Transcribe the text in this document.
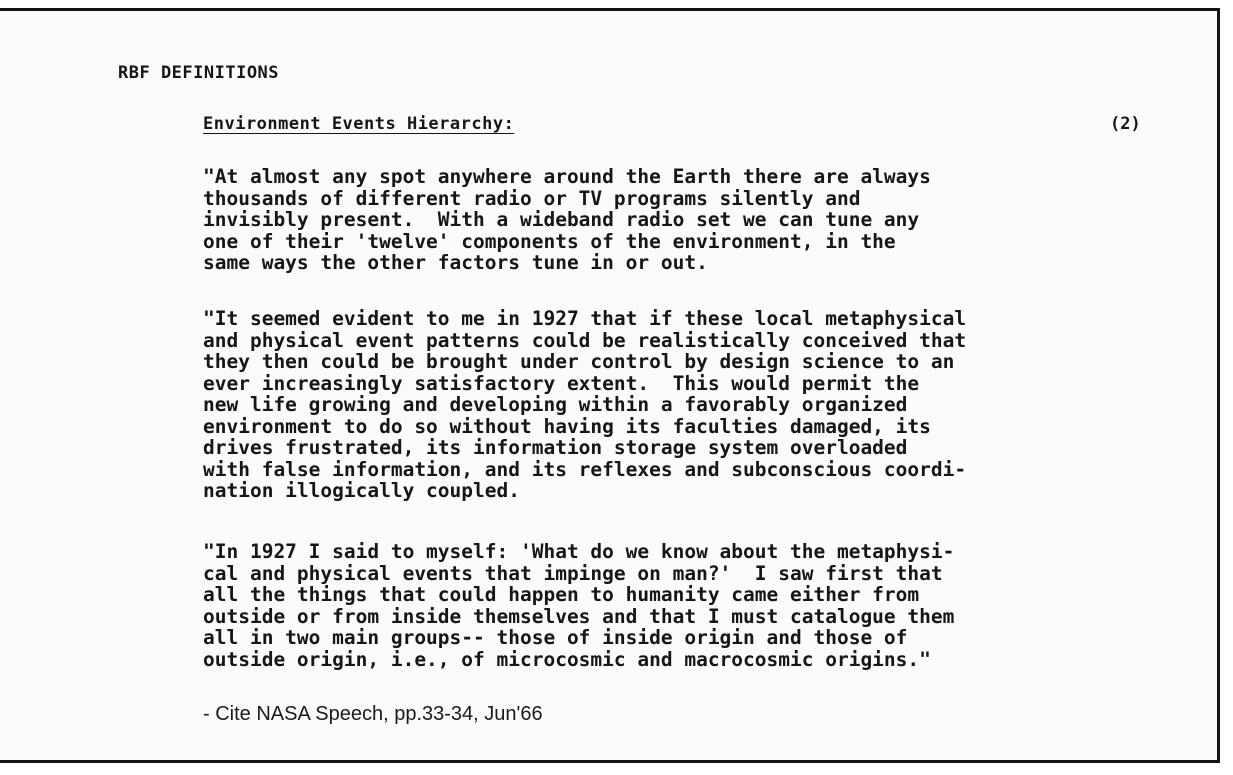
RBF DEFINITIONS

Environment Events Hierarchy:	(2)

"At almost any spot anywhere around the Earth there are always
thousands of different radio or TV programs silently and
invisibly present.  With a wideband radio set we can tune any
one of their 'twelve' components of the environment, in the
same ways the other factors tune in or out.

"It seemed evident to me in 1927 that if these local metaphysical
and physical event patterns could be realistically conceived that
they then could be brought under control by design science to an
ever increasingly satisfactory extent.  This would permit the
new life growing and developing within a favorably organized
environment to do so without having its faculties damaged, its
drives frustrated, its information storage system overloaded
with false information, and its reflexes and subconscious coordi-
nation illogically coupled.

"In 1927 I said to myself: 'What do we know about the metaphysi-
cal and physical events that impinge on man?'  I saw first that
all the things that could happen to humanity came either from
outside or from inside themselves and that I must catalogue them
all in two main groups-- those of inside origin and those of
outside origin, i.e., of microcosmic and macrocosmic origins."

- Cite NASA Speech, pp.33-34, Jun'66
